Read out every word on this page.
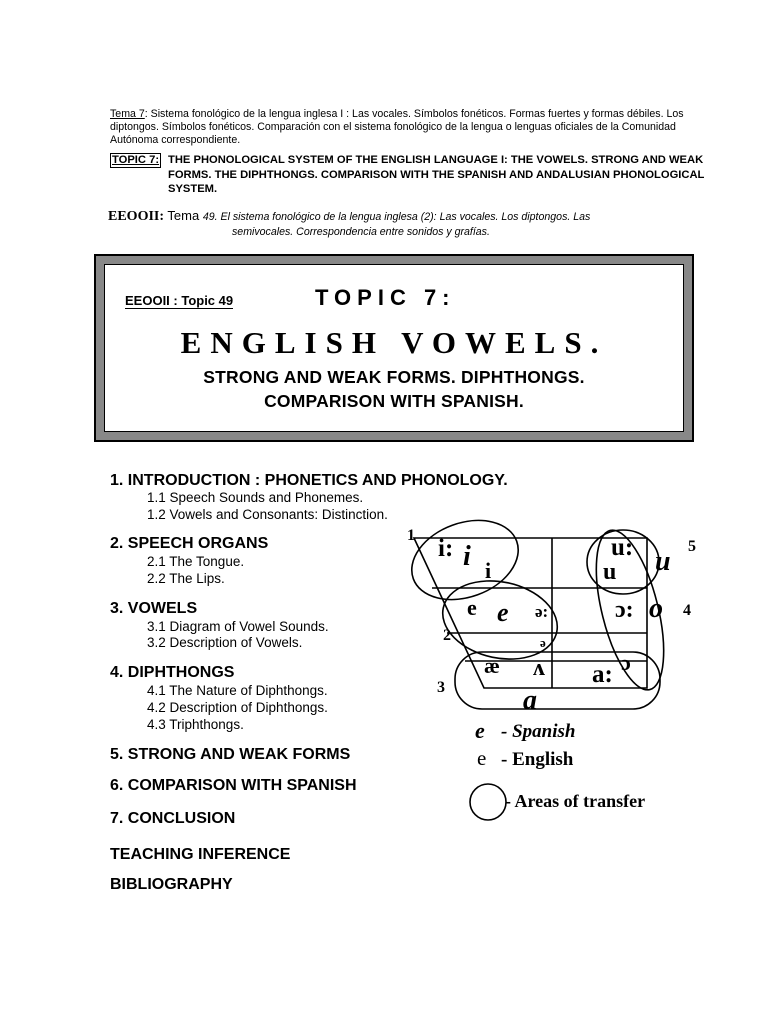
Tema 7: Sistema fonológico de la lengua inglesa I : Las vocales. Símbolos fonéticos. Formas fuertes y formas débiles. Los diptongos. Símbolos fonéticos. Comparación con el sistema fonológico de la lengua o lenguas oficiales de la Comunidad Autónoma correspondiente.
TOPIC 7: THE PHONOLOGICAL SYSTEM OF THE ENGLISH LANGUAGE I: THE VOWELS. STRONG AND WEAK FORMS. THE DIPHTHONGS. COMPARISON WITH THE SPANISH AND ANDALUSIAN PHONOLOGICAL SYSTEM.
EEOOII: Tema 49. El sistema fonológico de la lengua inglesa (2): Las vocales. Los diptongos. Las
semivocales. Correspondencia entre sonidos y grafías.
EEOOII : Topic 49	TOPIC 7:
ENGLISH VOWELS.
STRONG AND WEAK FORMS. DIPHTHONGS.
COMPARISON WITH SPANISH.
1. INTRODUCTION : PHONETICS AND PHONOLOGY.
1.1 Speech Sounds and Phonemes.
1.2 Vowels and Consonants: Distinction.
2. SPEECH ORGANS
2.1 The Tongue.
2.2 The Lips.
3. VOWELS
3.1 Diagram of Vowel Sounds.
3.2 Description of Vowels.
4. DIPHTHONGS
4.1 The Nature of Diphthongs.
4.2 Description of Diphthongs.
4.3 Triphthongs.
5. STRONG AND WEAK FORMS
6. COMPARISON WITH SPANISH
7. CONCLUSION
TEACHING INFERENCE
BIBLIOGRAPHY
1
2
3
4
5
i:
i
e	ə:
u:
u
ɔ:
æ ʌ a: ɔ
ə
i
e
u
o
a
e - Spanish
e - English
- Areas of transfer
